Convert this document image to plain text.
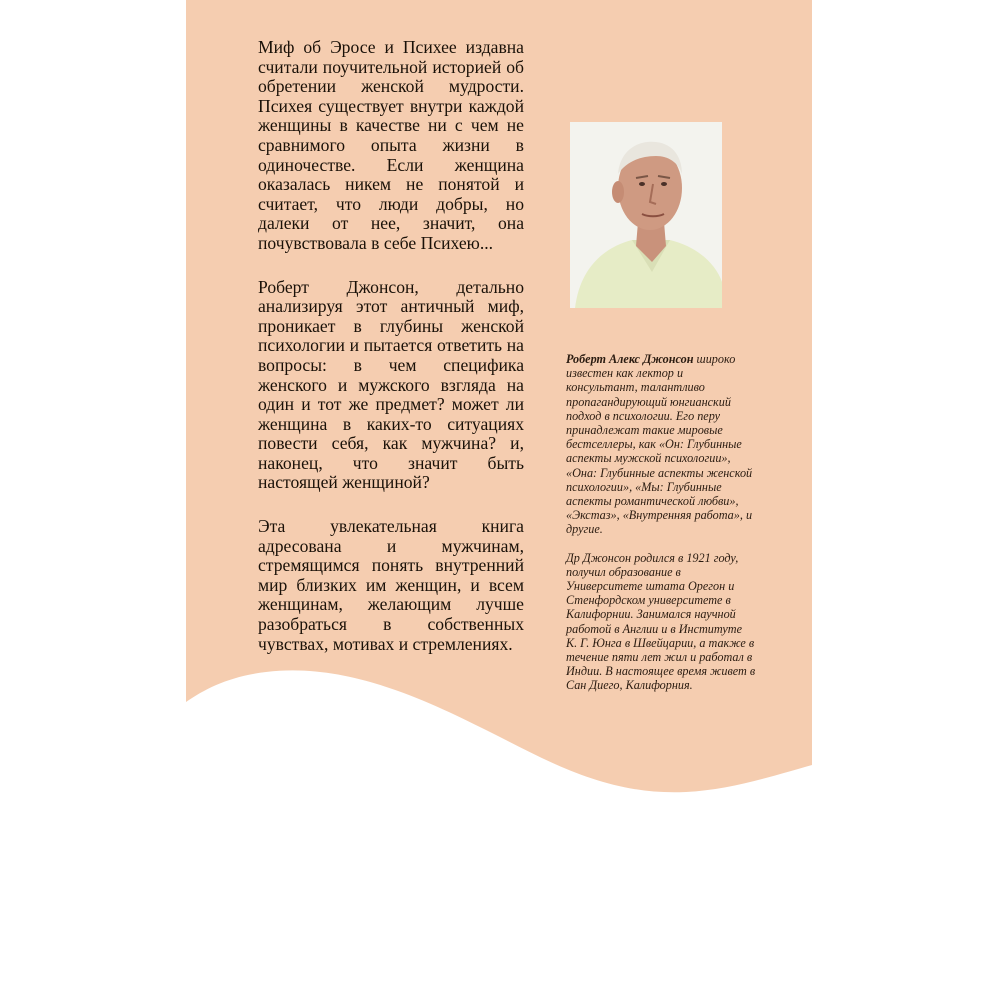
Миф об Эросе и Психее издавна считали поучительной историей об обретении женской мудрости. Психея существует внутри каждой женщины в качестве ни с чем не сравнимого опыта жизни в одиночестве. Если женщина оказалась никем не понятой и считает, что люди добры, но далеки от нее, значит, она почувствовала в себе Психею...

Роберт Джонсон, детально анализируя этот античный миф, проникает в глубины женской психологии и пытается ответить на вопросы: в чем специфика женского и мужского взгляда на один и тот же предмет? может ли женщина в каких-то ситуациях повести себя, как мужчина? и, наконец, что значит быть настоящей женщиной?

Эта увлекательная книга адресована и мужчинам, стремящимся понять внутренний мир близких им женщин, и всем женщинам, желающим лучше разобраться в собственных чувствах, мотивах и стремлениях.

Роберт Алекс Джонсон широко известен как лектор и консультант, талантливо пропагандирующий юнгианский подход в психологии. Его перу принадлежат такие мировые бестселлеры, как «Он: Глубинные аспекты мужской психологии», «Она: Глубинные аспекты женской психологии», «Мы: Глубинные аспекты романтической любви», «Экстаз», «Внутренняя работа», и другие.

Др Джонсон родился в 1921 году, получил образование в Университете штата Орегон и Стенфордском университете в Калифорнии. Занимался научной работой в Англии и в Институте К. Г. Юнга в Швейцарии, а также в течение пяти лет жил и работал в Индии. В настоящее время живет в Сан Диего, Калифорния.
